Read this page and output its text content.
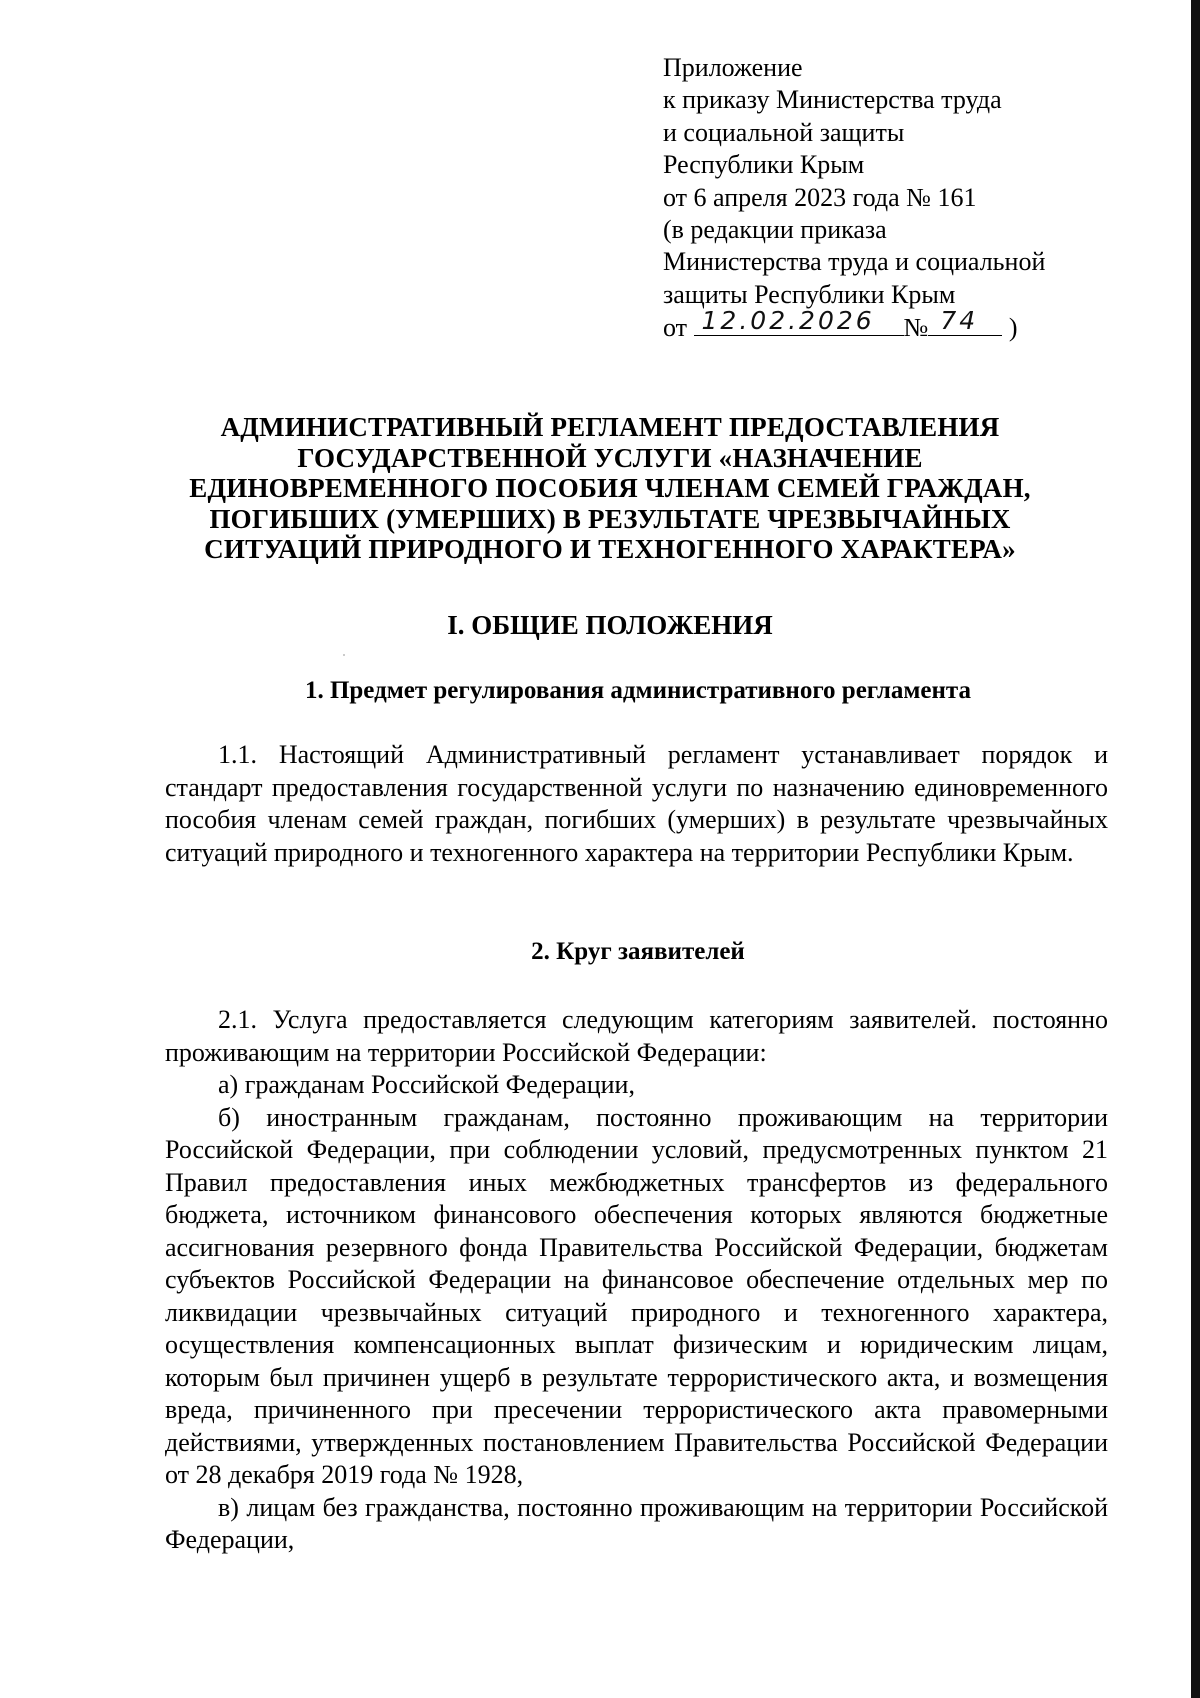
Приложение
к приказу Министерства труда
и социальной защиты
Республики Крым
от 6 апреля 2023 года № 161
(в редакции приказа
Министерства труда и социальной
защиты Республики Крым
от 12.02.2026 № 74 )
АДМИНИСТРАТИВНЫЙ РЕГЛАМЕНТ ПРЕДОСТАВЛЕНИЯ
ГОСУДАРСТВЕННОЙ УСЛУГИ «НАЗНАЧЕНИЕ
ЕДИНОВРЕМЕННОГО ПОСОБИЯ ЧЛЕНАМ СЕМЕЙ ГРАЖДАН,
ПОГИБШИХ (УМЕРШИХ) В РЕЗУЛЬТАТЕ ЧРЕЗВЫЧАЙНЫХ
СИТУАЦИЙ ПРИРОДНОГО И ТЕХНОГЕННОГО ХАРАКТЕРА»
I. ОБЩИЕ ПОЛОЖЕНИЯ
1. Предмет регулирования административного регламента

1.1. Настоящий Административный регламент устанавливает порядок и стандарт предоставления государственной услуги по назначению единовременного пособия членам семей граждан, погибших (умерших) в результате чрезвычайных ситуаций природного и техногенного характера на территории Республики Крым.

2. Круг заявителей

2.1. Услуга предоставляется следующим категориям заявителей. постоянно проживающим на территории Российской Федерации:

а) гражданам Российской Федерации,

б) иностранным гражданам, постоянно проживающим на территории Российской Федерации, при соблюдении условий, предусмотренных пунктом 21 Правил предоставления иных межбюджетных трансфертов из федерального бюджета, источником финансового обеспечения которых являются бюджетные ассигнования резервного фонда Правительства Российской Федерации, бюджетам субъектов Российской Федерации на финансовое обеспечение отдельных мер по ликвидации чрезвычайных ситуаций природного и техногенного характера, осуществления компенсационных выплат физическим и юридическим лицам, которым был причинен ущерб в результате террористического акта, и возмещения вреда, причиненного при пресечении террористического акта правомерными действиями, утвержденных постановлением Правительства Российской Федерации от 28 декабря 2019 года № 1928,

в) лицам без гражданства, постоянно проживающим на территории Российской Федерации,
